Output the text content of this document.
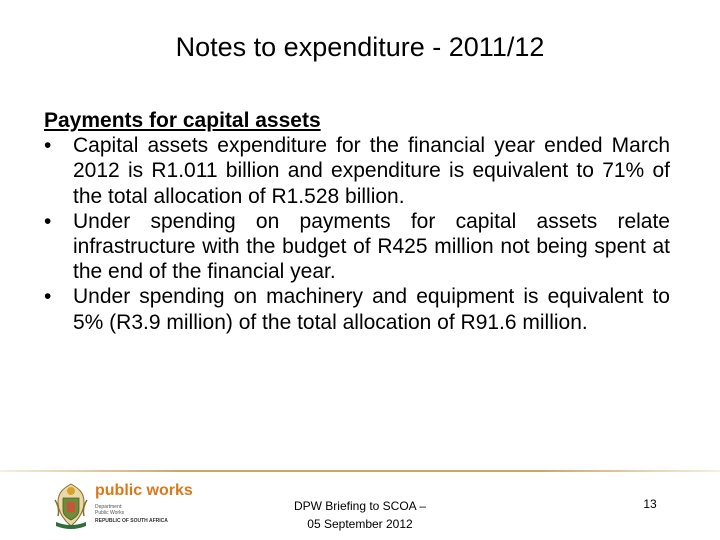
Notes to expenditure - 2011/12

Payments for capital assets

• Capital assets expenditure for the financial year ended March 2012 is R1.011 billion and expenditure is equivalent to 71% of the total allocation of R1.528 billion.
• Under spending on payments for capital assets relate infrastructure with the budget of R425 million not being spent at the end of the financial year.
• Under spending on machinery and equipment is equivalent to 5% (R3.9 million) of the total allocation of R91.6 million.
public works
Department:
Public Works
REPUBLIC OF SOUTH AFRICA
DPW Briefing to SCOA –
05 September 2012
13
